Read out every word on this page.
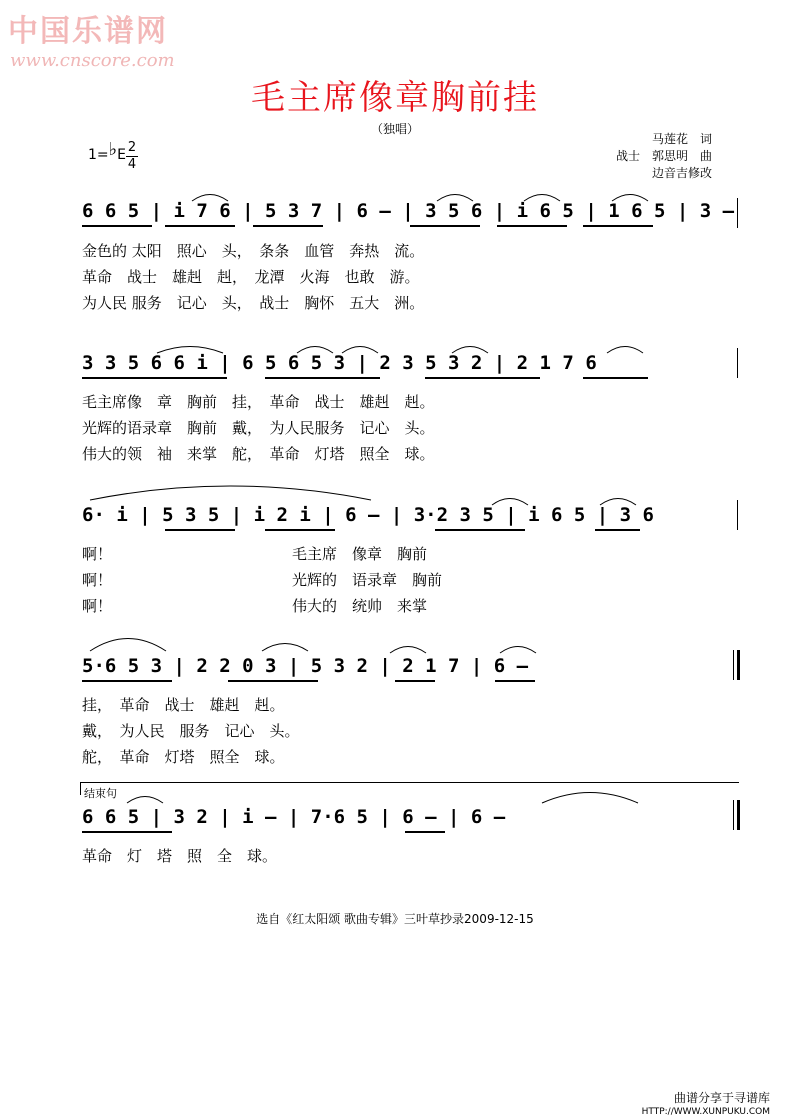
中国乐谱网
www.cnscore.com
毛主席像章胸前挂
（独唱）
马莲花　词
战士　郭思明　曲
边音吉修改
1=♭E 2
4
6 6 5 | i 7 6 | 5 3 7 | 6 – | 3 5 6 | i 6 5 | 1 6 5 | 3 –
金色的 太阳　照心　头，　条条　血管　奔热　流。
革命　战士　雄赳　赳，　龙潭　火海　也敢　游。
为人民 服务　记心　头，　战士　胸怀　五大　洲。
3 3 5 6 6 i | 6 5 6 5 3 | 2 3 5 3 2 | 2 1 7 6
毛主席像　章　胸前　挂，　革命　战士　雄赳　赳。
光辉的语录章　胸前　戴，　为人民服务　记心　头。
伟大的领　袖　来掌　舵，　革命　灯塔　照全　球。
6· i | 5 3 5 | i 2 i | 6 – | 3·2 3 5 | i 6 5 | 3 6
啊！　　　　　　　　　　　　毛主席　像章　胸前
啊！　　　　　　　　　　　　光辉的　语录章　胸前
啊！　　　　　　　　　　　　伟大的　统帅　来掌
5·6 5 3 | 2 2 0 3 | 5 3 2 | 2 1 7 | 6 –
挂，　革命　战士　雄赳　赳。
戴，　为人民　服务　记心　头。
舵，　革命　灯塔　照全　球。
结束句
6 6 5 | 3 2 | i – | 7·6 5 | 6 – | 6 –
革命　灯　塔　照　全　球。
选自《红太阳颂 歌曲专辑》三叶草抄录2009-12-15
曲谱分享于寻谱库
HTTP://WWW.XUNPUKU.COM
